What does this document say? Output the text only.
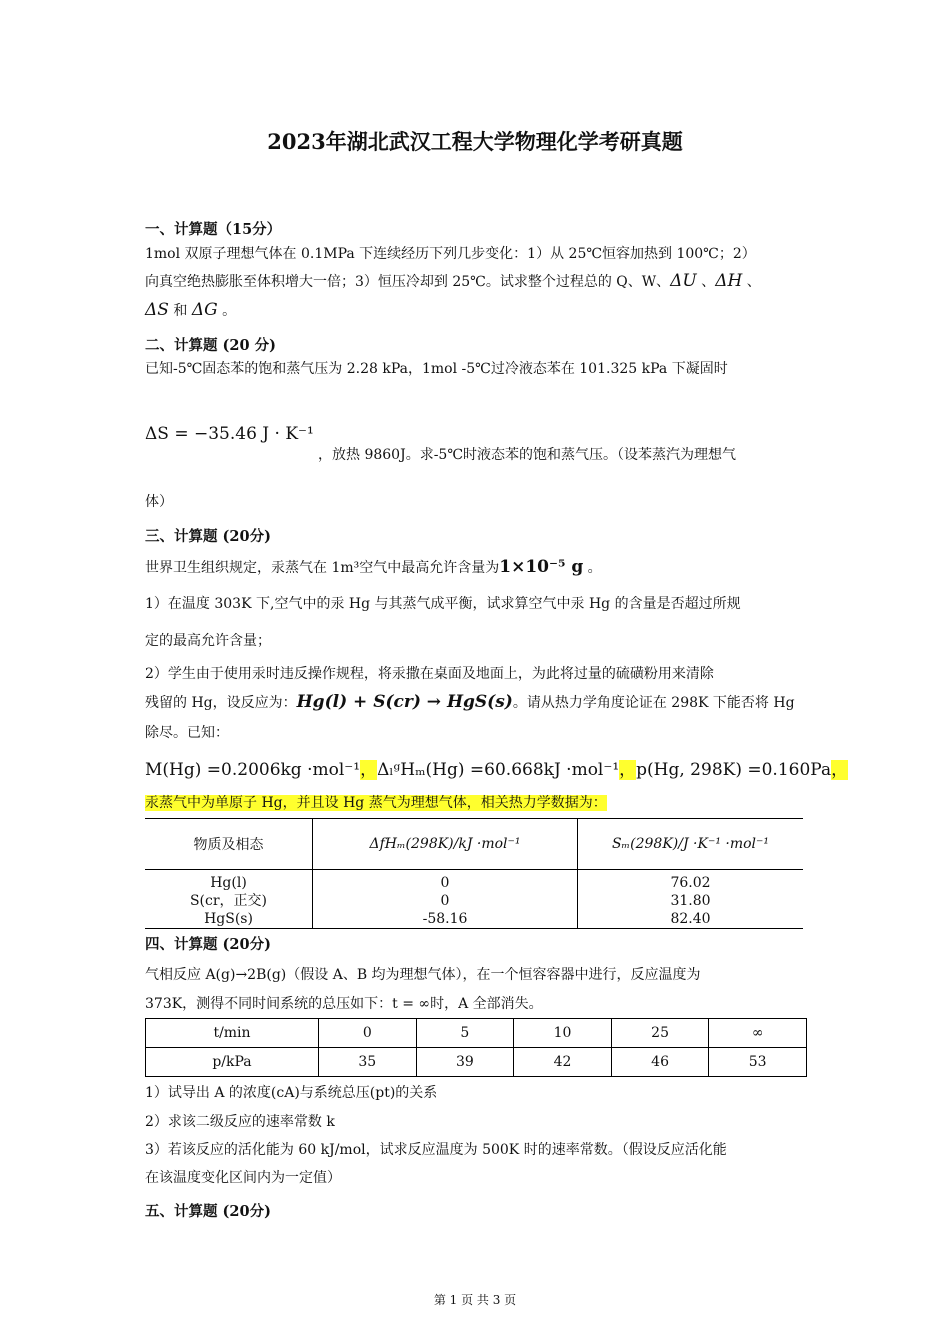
2023年湖北武汉工程大学物理化学考研真题
一、计算题（15分）
1mol 双原子理想气体在 0.1MPa 下连续经历下列几步变化：1）从 25℃恒容加热到 100℃；2）
向真空绝热膨胀至体积增大一倍；3）恒压冷却到 25℃。试求整个过程总的 Q、W、ΔU 、ΔH 、
ΔS 和 ΔG 。
二、计算题 (20 分)
已知-5℃固态苯的饱和蒸气压为 2.28 kPa，1mol -5℃过冷液态苯在 101.325 kPa 下凝固时
ΔS = −35.46 J · K⁻¹
，放热 9860J。求-5℃时液态苯的饱和蒸气压。（设苯蒸汽为理想气
体）
三、计算题 (20分)
世界卫生组织规定，汞蒸气在 1m³空气中最高允许含量为1×10⁻⁵ g 。
1）在温度 303K 下,空气中的汞 Hg 与其蒸气成平衡，试求算空气中汞 Hg 的含量是否超过所规
定的最高允许含量；
2）学生由于使用汞时违反操作规程，将汞撒在桌面及地面上，为此将过量的硫磺粉用来清除
残留的 Hg，设反应为：Hg(l) + S(cr) → HgS(s)。请从热力学角度论证在 298K 下能否将 Hg
除尽。已知：
M(Hg) =0.2006kg ·mol⁻¹，ΔₗᵍHₘ(Hg) =60.668kJ ·mol⁻¹，p(Hg, 298K) =0.160Pa，
汞蒸气中为单原子 Hg，并且设 Hg 蒸气为理想气体，相关热力学数据为：
物质及相态	ΔfHₘ(298K)/kJ ·mol⁻¹	Sₘ(298K)/J ·K⁻¹ ·mol⁻¹
Hg(l)	0	76.02
S(cr，正交)	0	31.80
HgS(s)	-58.16	82.40
四、计算题 (20分)
气相反应 A(g)→2B(g)（假设 A、B 均为理想气体），在一个恒容容器中进行，反应温度为
373K，测得不同时间系统的总压如下：t = ∞时，A 全部消失。
t/min	0	5	10	25	∞
p/kPa	35	39	42	46	53
1）试导出 A 的浓度(cA)与系统总压(pt)的关系
2）求该二级反应的速率常数 k
3）若该反应的活化能为 60 kJ/mol，试求反应温度为 500K 时的速率常数。（假设反应活化能
在该温度变化区间内为一定值）
五、计算题 (20分)
第 1 页 共 3 页
